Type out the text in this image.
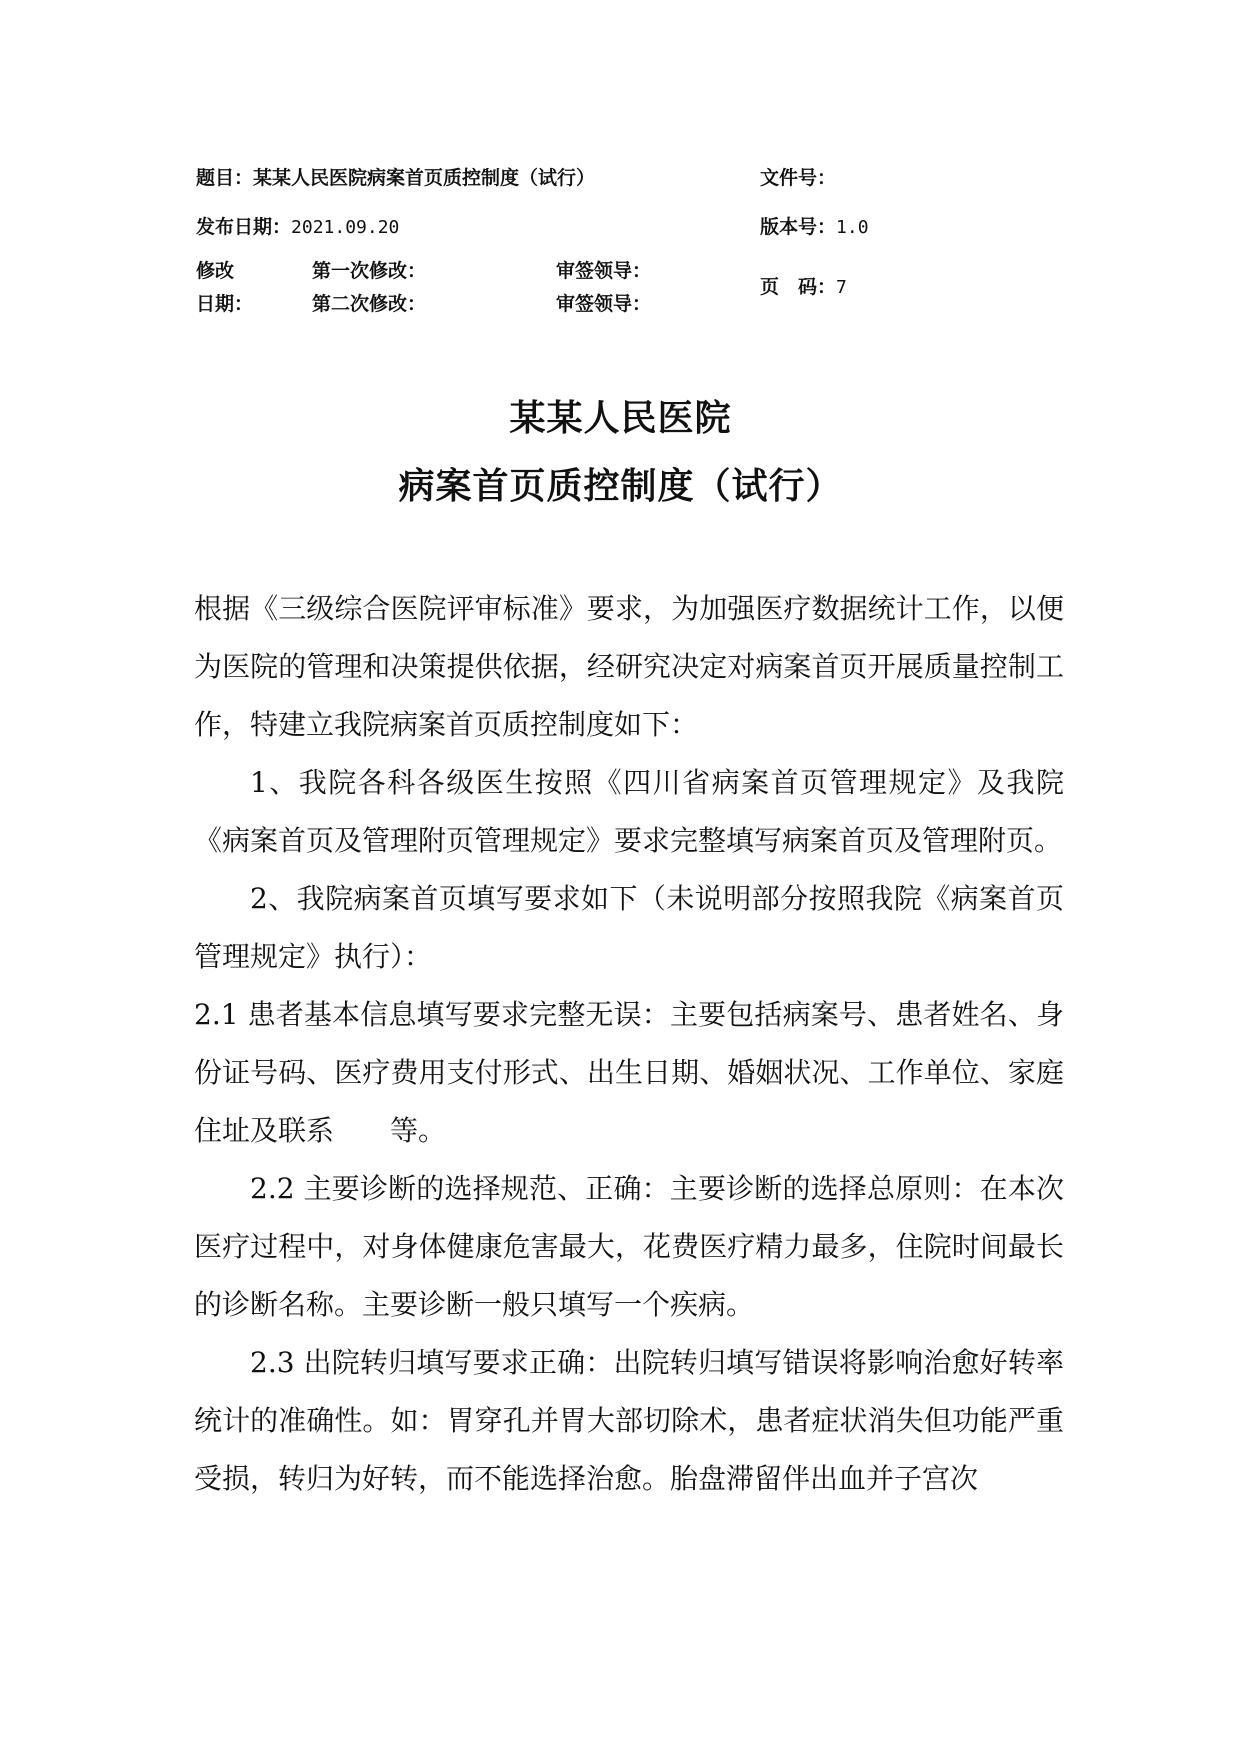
题目：某某人民医院病案首页质控制度（试行）	文件号：
发布日期：2021.09.20	版本号：1.0
修改
日期：
第一次修改：
第二次修改：
审签领导：
审签领导：
页　码：7
某某人民医院
病案首页质控制度（试行）

根据《三级综合医院评审标准》要求，为加强医疗数据统计工作，以便为医院的管理和决策提供依据，经研究决定对病案首页开展质量控制工作，特建立我院病案首页质控制度如下：

1、我院各科各级医生按照《四川省病案首页管理规定》及我院《病案首页及管理附页管理规定》要求完整填写病案首页及管理附页。

2、我院病案首页填写要求如下（未说明部分按照我院《病案首页管理规定》执行）：

2.1 患者基本信息填写要求完整无误：主要包括病案号、患者姓名、身份证号码、医疗费用支付形式、出生日期、婚姻状况、工作单位、家庭住址及联系　　等。

2.2 主要诊断的选择规范、正确：主要诊断的选择总原则：在本次医疗过程中，对身体健康危害最大，花费医疗精力最多，住院时间最长的诊断名称。主要诊断一般只填写一个疾病。

2.3 出院转归填写要求正确：出院转归填写错误将影响治愈好转率统计的准确性。如：胃穿孔并胃大部切除术，患者症状消失但功能严重受损，转归为好转，而不能选择治愈。胎盘滞留伴出血并子宫次
